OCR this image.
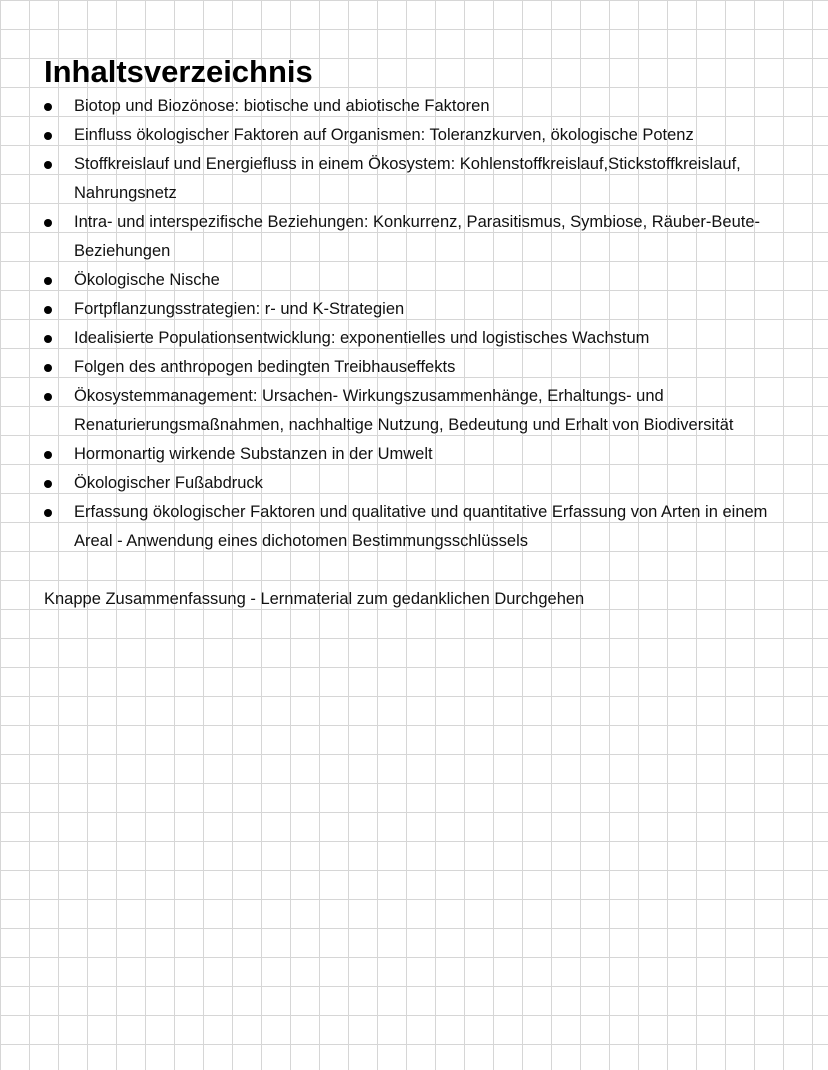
Inhaltsverzeichnis
Biotop und Biozönose: biotische und abiotische Faktoren
Einfluss ökologischer Faktoren auf Organismen: Toleranzkurven, ökologische Potenz
Stoffkreislauf und Energiefluss in einem Ökosystem: Kohlenstoffkreislauf,Stickstoffkreislauf, Nahrungsnetz
Intra- und interspezifische Beziehungen: Konkurrenz, Parasitismus, Symbiose, Räuber-Beute- Beziehungen
Ökologische Nische
Fortpflanzungsstrategien: r- und K-Strategien
Idealisierte Populationsentwicklung: exponentielles und logistisches Wachstum
Folgen des anthropogen bedingten Treibhauseffekts
Ökosystemmanagement: Ursachen- Wirkungszusammenhänge, Erhaltungs- und Renaturierungsmaßnahmen, nachhaltige Nutzung, Bedeutung und Erhalt von Biodiversität
Hormonartig wirkende Substanzen in der Umwelt
Ökologischer Fußabdruck
Erfassung ökologischer Faktoren und qualitative und quantitative Erfassung von Arten in einem Areal - Anwendung eines dichotomen Bestimmungsschlüssels

Knappe Zusammenfassung - Lernmaterial zum gedanklichen Durchgehen
